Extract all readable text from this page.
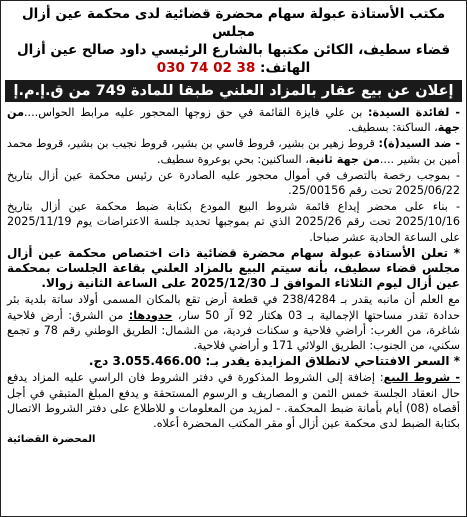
مكتب الأستاذة عبولة سهام محضرة قضائية لدى محكمة عين أزال مجلس
قضاء سطيف، الكائن مكتبها بالشارع الرئيسي داود صالح عين أزال
الهاتف: 030 74 02 38
إعلان عن بيع عقار بالمزاد العلني طبقا للمادة 749 من ق.إ.م.إ

- لفائدة السيدة: بن علي فايزة القائمة في حق زوجها المحجور عليه مرابط الحواس....من جهة، الساكنة: بسطيف.

- ضد السيد(ة): قروط زهير بن بشير، قروط قاسي بن بشير، قروط نجيب بن بشير، قروط محمد أمين بن بشير ....من جهة ثانية، الساكنين: بحي بوعروة سطيف.

- بموجب رخصة بالتصرف في أموال محجور عليه الصادرة عن رئيس محكمة عين أزال بتاريخ 2025/06/22 تحت رقم 25/00156.

- بناء على محضر إيداع قائمة شروط البيع المودع بكتابة ضبط محكمة عين أزال بتاريخ 2025/10/16 تحت رقم 2025/26 الذي تم بموجبها تحديد جلسة الاعتراضات يوم 2025/11/19 على الساعة الحادية عشر صباحا.

* تعلن الأستاذة عبولة سهام محضرة قضائية ذات اختصاص محكمة عين أزال مجلس قضاء سطيف، بأنه سيتم البيع بالمزاد العلني بقاعة الجلسات بمحكمة عين أزال ليوم الثلاثاء الموافق لـ 2025/12/30 على الساعة الثانية زوالا.

مع العلم أن مانبه يقدر بـ 238/4284 في قطعة أرض تقع بالمكان المسمى أولاد ساتة بلدية بئر حدادة تقدر مساحتها الإجمالية بـ 03 هكتار 92 آر 50 سار، حدودها: من الشرق: أرض فلاحية شاغرة، من الغرب: أراضي فلاحية و سكنات فردية، من الشمال: الطريق الوطني رقم 78 و تجمع سكني، من الجنوب: الطريق الولائي 171 و أراضي فلاحية.

* السعر الافتتاحي لانطلاق المزايدة يقدر بـ: 3.055.466.00 دج.

- شروط البيع: إضافة إلى الشروط المذكورة في دفتر الشروط فان الراسي عليه المزاد يدفع حال انعقاد الجلسة خمس الثمن و المصاريف و الرسوم المستحقة و يدفع المبلغ المتبقي في أجل أقصاه (08) أيام بأمانة ضبط المحكمة. - لمزيد من المعلومات و للاطلاع على دفتر الشروط الاتصال بكتابة الضبط لدى محكمة عين أزال أو مقر المكتب المحضرة أعلاه.

المحضرة القضائية
